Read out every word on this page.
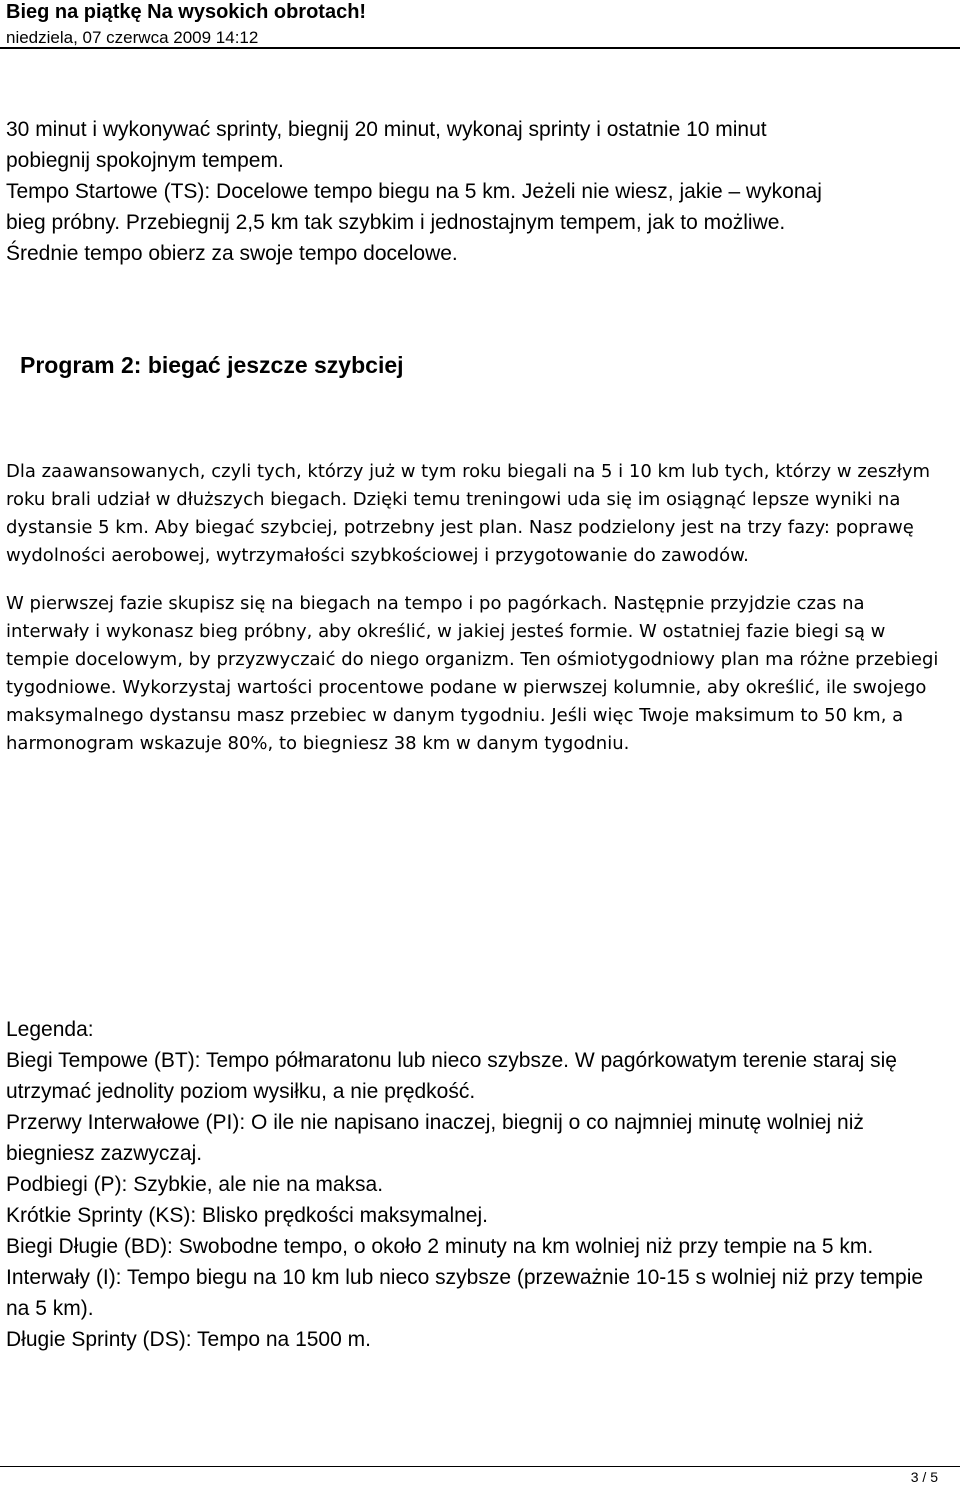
Bieg na piątkę Na wysokich obrotach!
niedziela, 07 czerwca 2009 14:12

30 minut i wykonywać sprinty, biegnij 20 minut, wykonaj sprinty i ostatnie 10 minut

pobiegnij spokojnym tempem.

Tempo Startowe (TS): Docelowe tempo biegu na 5 km. Jeżeli nie wiesz, jakie – wykonaj

bieg próbny. Przebiegnij 2,5 km tak szybkim i jednostajnym tempem, jak to możliwe.

Średnie tempo obierz za swoje tempo docelowe.

Program 2: biegać jeszcze szybciej

Dla zaawansowanych, czyli tych, którzy już w tym roku biegali na 5 i 10 km lub tych, którzy w zeszłym roku brali udział w dłuższych biegach. Dzięki temu treningowi uda się im osiągnąć lepsze wyniki na dystansie 5 km. Aby biegać szybciej, potrzebny jest plan. Nasz podzielony jest na trzy fazy: poprawę wydolności aerobowej, wytrzymałości szybkościowej i przygotowanie do zawodów.

W pierwszej fazie skupisz się na biegach na tempo i po pagórkach. Następnie przyjdzie czas na interwały i wykonasz bieg próbny, aby określić, w jakiej jesteś formie. W ostatniej fazie biegi są w tempie docelowym, by przyzwyczaić do niego organizm. Ten ośmiotygodniowy plan ma różne przebiegi tygodniowe. Wykorzystaj wartości procentowe podane w pierwszej kolumnie, aby określić, ile swojego maksymalnego dystansu masz przebiec w danym tygodniu. Jeśli więc Twoje maksimum to 50 km, a harmonogram wskazuje 80%, to biegniesz 38 km w danym tygodniu.

Legenda:

Biegi Tempowe (BT): Tempo półmaratonu lub nieco szybsze. W pagórkowatym terenie staraj się utrzymać jednolity poziom wysiłku, a nie prędkość.

Przerwy Interwałowe (PI): O ile nie napisano inaczej, biegnij o co najmniej minutę wolniej niż biegniesz zazwyczaj.

Podbiegi (P): Szybkie, ale nie na maksa.

Krótkie Sprinty (KS): Blisko prędkości maksymalnej.

Biegi Długie (BD): Swobodne tempo, o około 2 minuty na km wolniej niż przy tempie na 5 km.

Interwały (I): Tempo biegu na 10 km lub nieco szybsze (przeważnie 10-15 s wolniej niż przy tempie na 5 km).

Długie Sprinty (DS): Tempo na 1500 m.

3 / 5
